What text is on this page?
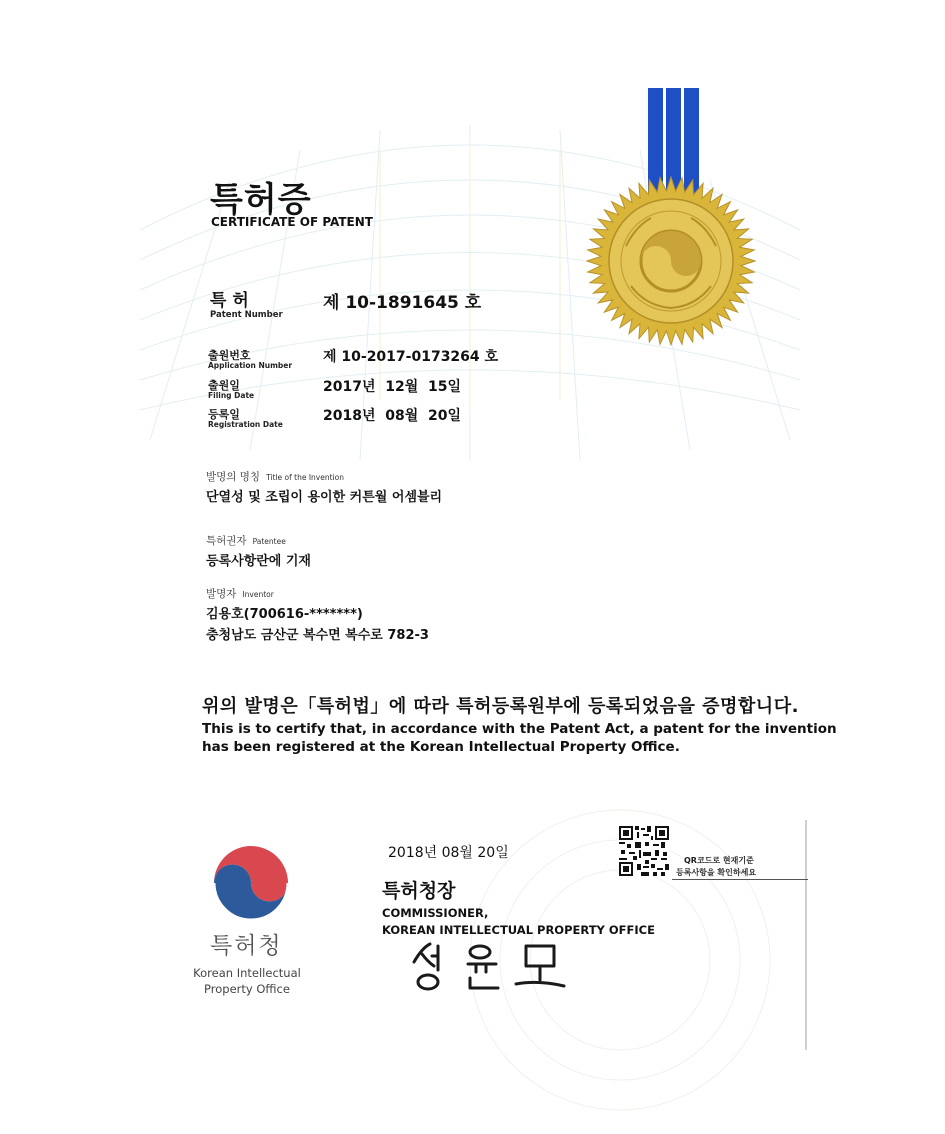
특허증
CERTIFICATE OF PATENT
특 허
Patent Number
제 10-1891645 호
출원번호
Application Number
제 10-2017-0173264 호
출원일
Filing Date
2017년  12월  15일
등록일
Registration Date
2018년  08월  20일
발명의 명칭 Title of the Invention
단열성 및 조립이 용이한 커튼월 어셈블리
특허권자 Patentee
등록사항란에 기재
발명자 Inventor
김용호(700616-*******)
충청남도 금산군 복수면 복수로 782-3
위의 발명은「특허법」에 따라 특허등록원부에 등록되었음을 증명합니다.
This is to certify that, in accordance with the Patent Act, a patent for the invention
has been registered at the Korean Intellectual Property Office.
2018년 08월 20일	QR코드로 현재기준
등록사항을 확인하세요
특허청장
COMMISSIONER,
KOREAN INTELLECTUAL PROPERTY OFFICE
특허청
Korean Intellectual Property Office
